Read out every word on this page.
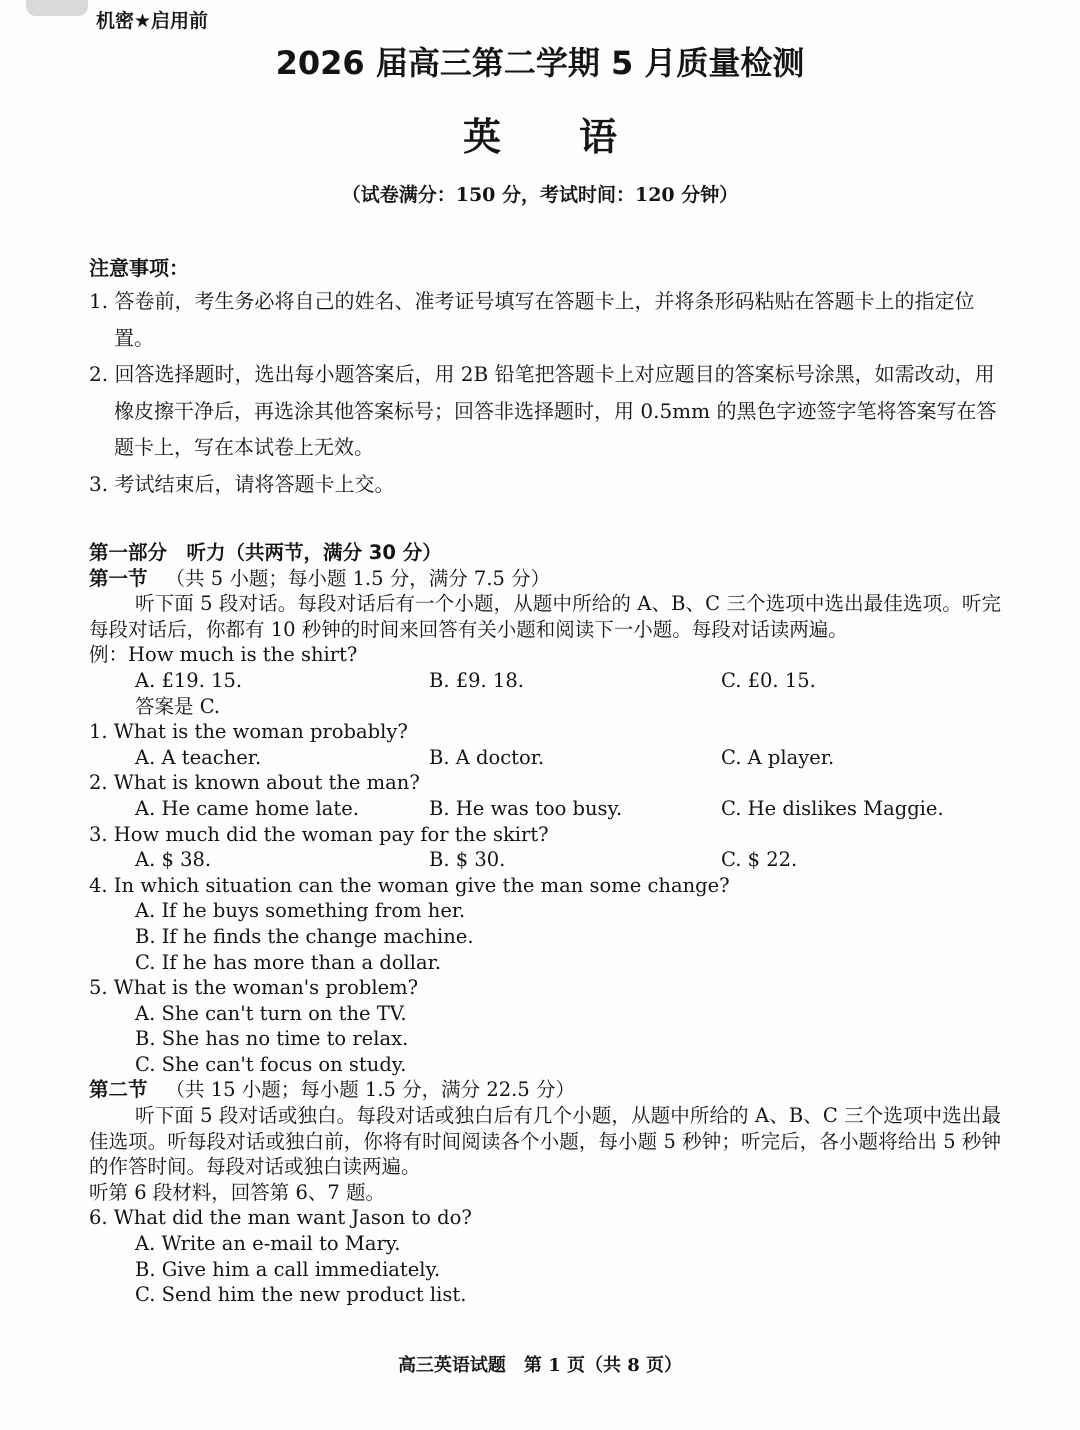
机密★启用前
2026 届高三第二学期 5 月质量检测
英语
（试卷满分：150 分，考试时间：120 分钟）
注意事项：
1. 答卷前，考生务必将自己的姓名、准考证号填写在答题卡上，并将条形码粘贴在答题卡上的指定位置。
2. 回答选择题时，选出每小题答案后，用 2B 铅笔把答题卡上对应题目的答案标号涂黑，如需改动，用橡皮擦干净后，再选涂其他答案标号；回答非选择题时，用 0.5mm 的黑色字迹签字笔将答案写在答题卡上，写在本试卷上无效。
3. 考试结束后，请将答题卡上交。
第一部分　听力（共两节，满分 30 分）
第一节 （共 5 小题；每小题 1.5 分，满分 7.5 分）
听下面 5 段对话。每段对话后有一个小题，从题中所给的 A、B、C 三个选项中选出最佳选项。听完每段对话后，你都有 10 秒钟的时间来回答有关小题和阅读下一小题。每段对话读两遍。
例：How much is the shirt?
A. £19. 15.	B. £9. 18.	C. £0. 15.
答案是 C.
1. What is the woman probably?
A. A teacher.	B. A doctor.	C. A player.
2. What is known about the man?
A. He came home late.	B. He was too busy.	C. He dislikes Maggie.
3. How much did the woman pay for the skirt?
A. $ 38.	B. $ 30.	C. $ 22.
4. In which situation can the woman give the man some change?
A. If he buys something from her.
B. If he finds the change machine.
C. If he has more than a dollar.
5. What is the woman's problem?
A. She can't turn on the TV.
B. She has no time to relax.
C. She can't focus on study.
第二节 （共 15 小题；每小题 1.5 分，满分 22.5 分）
听下面 5 段对话或独白。每段对话或独白后有几个小题，从题中所给的 A、B、C 三个选项中选出最佳选项。听每段对话或独白前，你将有时间阅读各个小题，每小题 5 秒钟；听完后，各小题将给出 5 秒钟的作答时间。每段对话或独白读两遍。
听第 6 段材料，回答第 6、7 题。
6. What did the man want Jason to do?
A. Write an e-mail to Mary.
B. Give him a call immediately.
C. Send him the new product list.
高三英语试题　第 1 页（共 8 页）
